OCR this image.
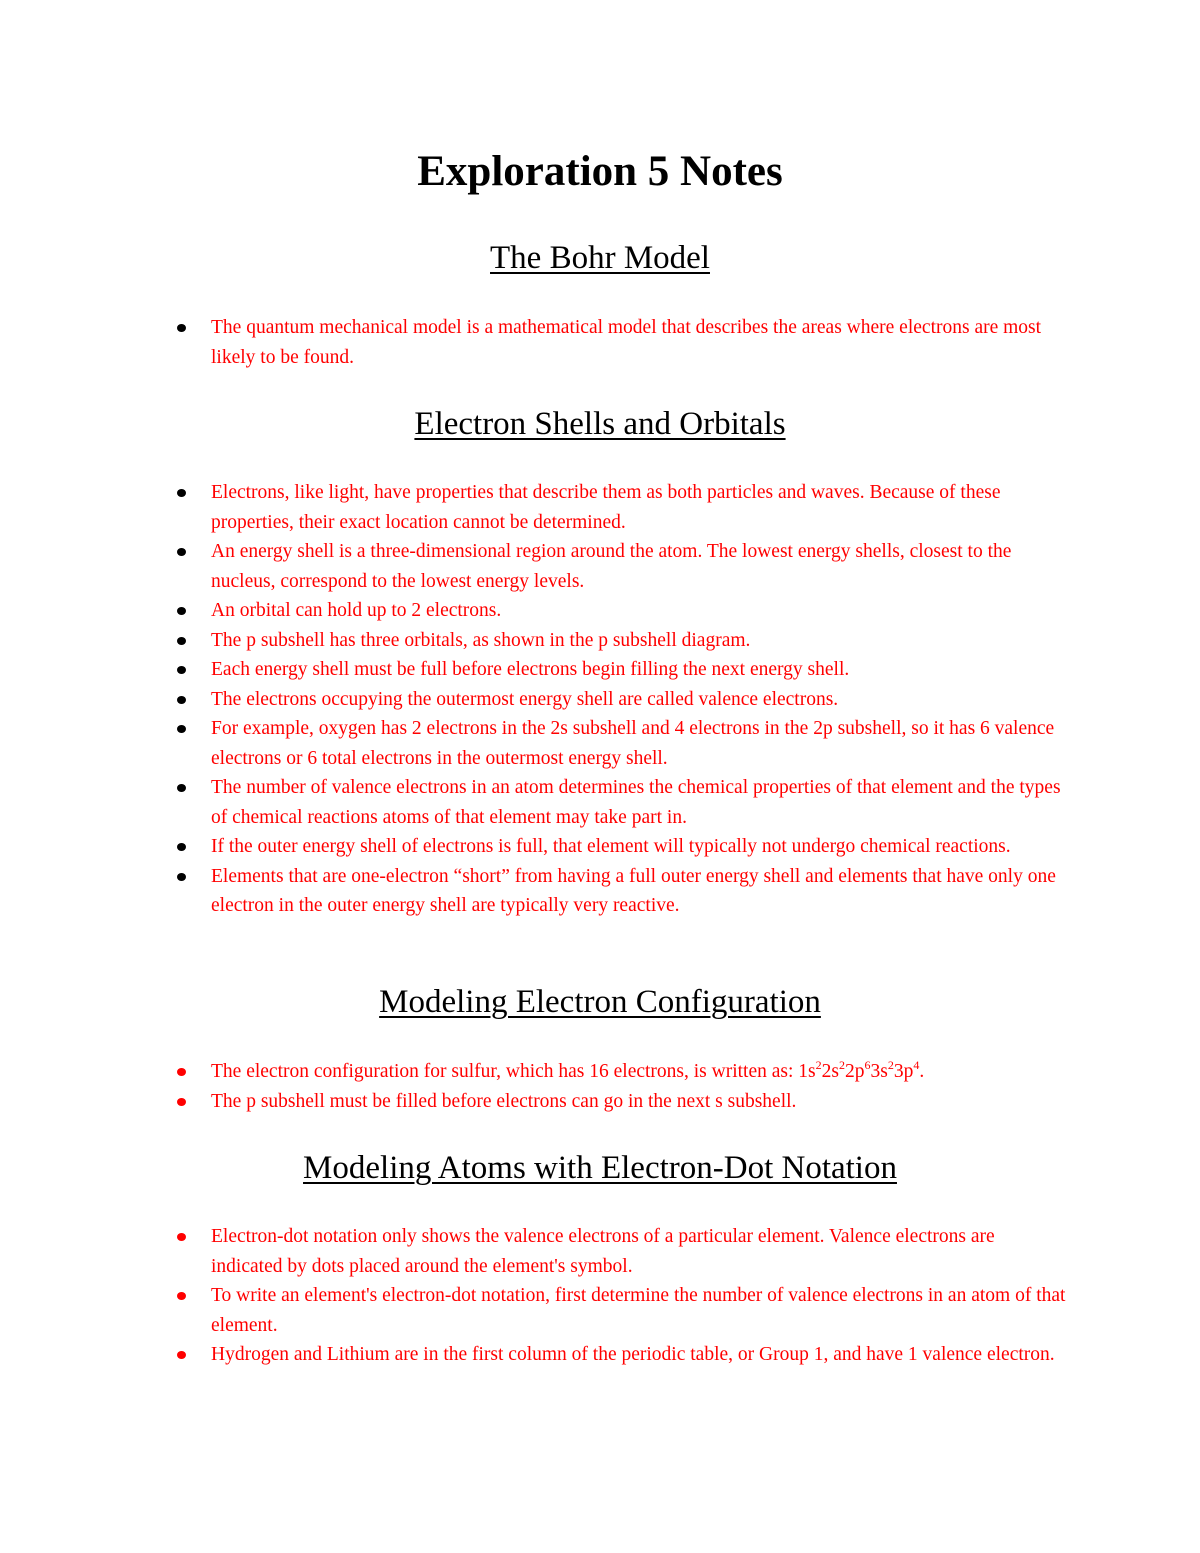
Exploration 5 Notes
The Bohr Model
The quantum mechanical model is a mathematical model that describes the areas where electrons are most likely to be found.
Electron Shells and Orbitals
Electrons, like light, have properties that describe them as both particles and waves. Because of these properties, their exact location cannot be determined.
An energy shell is a three-dimensional region around the atom. The lowest energy shells, closest to the nucleus, correspond to the lowest energy levels.
An orbital can hold up to 2 electrons.
The p subshell has three orbitals, as shown in the p subshell diagram.
Each energy shell must be full before electrons begin filling the next energy shell.
The electrons occupying the outermost energy shell are called valence electrons.
For example, oxygen has 2 electrons in the 2s subshell and 4 electrons in the 2p subshell, so it has 6 valence electrons or 6 total electrons in the outermost energy shell.
The number of valence electrons in an atom determines the chemical properties of that element and the types of chemical reactions atoms of that element may take part in.
If the outer energy shell of electrons is full, that element will typically not undergo chemical reactions.
Elements that are one-electron “short” from having a full outer energy shell and elements that have only one electron in the outer energy shell are typically very reactive.
Modeling Electron Configuration
The electron configuration for sulfur, which has 16 electrons, is written as: $1s^22s^22p^63s^23p^4$.
The p subshell must be filled before electrons can go in the next s subshell.
Modeling Atoms with Electron-Dot Notation
Electron-dot notation only shows the valence electrons of a particular element. Valence electrons are indicated by dots placed around the element's symbol.
To write an element's electron-dot notation, first determine the number of valence electrons in an atom of that element.
Hydrogen and Lithium are in the first column of the periodic table, or Group 1, and have 1 valence electron.
